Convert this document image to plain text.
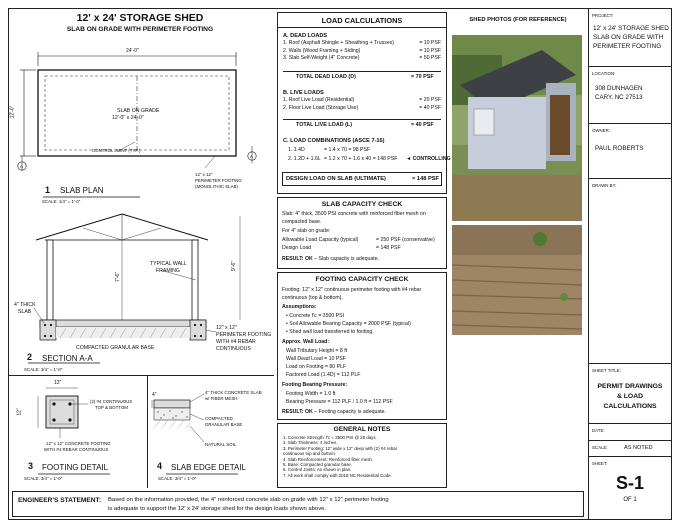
12' x 24' STORAGE SHED
SLAB ON GRADE WITH PERIMETER FOOTING
24'-0"
12'-0"	SLAB ON GRADE
12'-0" x 24'-0"
CONTROL JOINT (TYP.)
12" x 12"
PERIMETER FOOTING
(MONOLITHIC SLAB)
A
A
1 SLAB PLAN
SCALE: 1/4" = 1'-0"
TYPICAL WALL
FRAMING
7'-6"
9'-6"
4" THICK
SLAB
12" x 12"
PERIMETER FOOTING
WITH #4 REBAR
CONTINUOUS
COMPACTED GRANULAR BASE
2 SECTION A-A
SCALE: 3/4" = 1'-0"
12"
12"
(2) #4 CONTINUOUS
TOP & BOTTOM
12" x 12" CONCRETE FOOTING
WITH #4 REBAR CONTINUOUS
3 FOOTING DETAIL
SCALE: 3/4" = 1'-0"
4"	4" THICK CONCRETE SLAB
w/ FIBER MESH
COMPACTED
GRANULAR BASE
NATURAL SOIL
4 SLAB EDGE DETAIL
SCALE: 3/4" = 1'-0"
ENGINEER'S STATEMENT: Based on the information provided, the 4" reinforced concrete slab on grade with 12" x 12" perimeter footing
is adequate to support the 12' x 24' storage shed for the design loads shown above.
LOAD CALCULATIONS
A. DEAD LOADS
1. Roof (Asphalt Shingle + Sheathing + Trusses)	= 10 PSF
2. Walls (Wood Framing + Siding)	= 10 PSF
3. Slab Self-Weight (4" Concrete)	= 50 PSF
TOTAL DEAD LOAD (D)	= 70 PSF
B. LIVE LOADS
1. Roof Live Load (Residential)	= 20 PSF
2. Floor Live Load (Storage Use)	= 40 PSF
TOTAL LIVE LOAD (L)	= 40 PSF
C. LOAD COMBINATIONS (ASCE 7-16)
1. 1.4D	= 1.4 x 70 = 98 PSF
2. 1.2D + 1.6L = 1.2 x 70 + 1.6 x 40 = 148 PSF ◄ CONTROLLING
DESIGN LOAD ON SLAB (ULTIMATE)	= 148 PSF
SLAB CAPACITY CHECK
Slab: 4" thick, 3500 PSI concrete with reinforced fiber mesh on
compacted base.
For 4" slab on grade:
Allowable Load Capacity (typical)	= 250 PSF (conservative)
Design Load	= 148 PSF
RESULT: OK – Slab capacity is adequate.
FOOTING CAPACITY CHECK
Footing: 12" x 12" continuous perimeter footing with #4 rebar
continuous (top & bottom).
Assumptions:
• Concrete f'c = 3500 PSI
• Soil Allowable Bearing Capacity = 2000 PSF (typical)
• Shed wall load transferred to footing.
Approx. Wall Load:
Wall Tributary Height = 8 ft
Wall Dead Load = 10 PSF
Load on Footing = 80 PLF
Factored Load (1.4D) = 112 PLF
Footing Bearing Pressure:
Footing Width = 1.0 ft
Bearing Pressure = 112 PLF / 1.0 ft = 112 PSF
RESULT: OK – Footing capacity is adequate.
GENERAL NOTES
1. Concrete Strength: f'c = 3500 PSI @ 28 days.
2. Slab Thickness: 4 inches.
3. Perimeter Footing: 12" wide x 12" deep with (2) #4 rebar
continuous top and bottom.
4. Slab Reinforcement: Reinforced fiber mesh.
5. Base: Compacted granular base.
6. Control Joints: As shown in plan.
7. All work shall comply with 2018 NC Residential Code.
SHED PHOTOS (FOR REFERENCE)
PROJECT:
12' x 24' STORAGE SHED
SLAB ON GRADE WITH
PERIMETER FOOTING
LOCATION:
308 DUNHAGEN
CARY, NC 27513
OWNER:
PAUL ROBERTS
DRAWN BY:
SHEET TITLE:
PERMIT DRAWINGS
& LOAD
CALCULATIONS
DATE:
SCALE:	AS NOTED
SHEET:
S-1
OF 1
